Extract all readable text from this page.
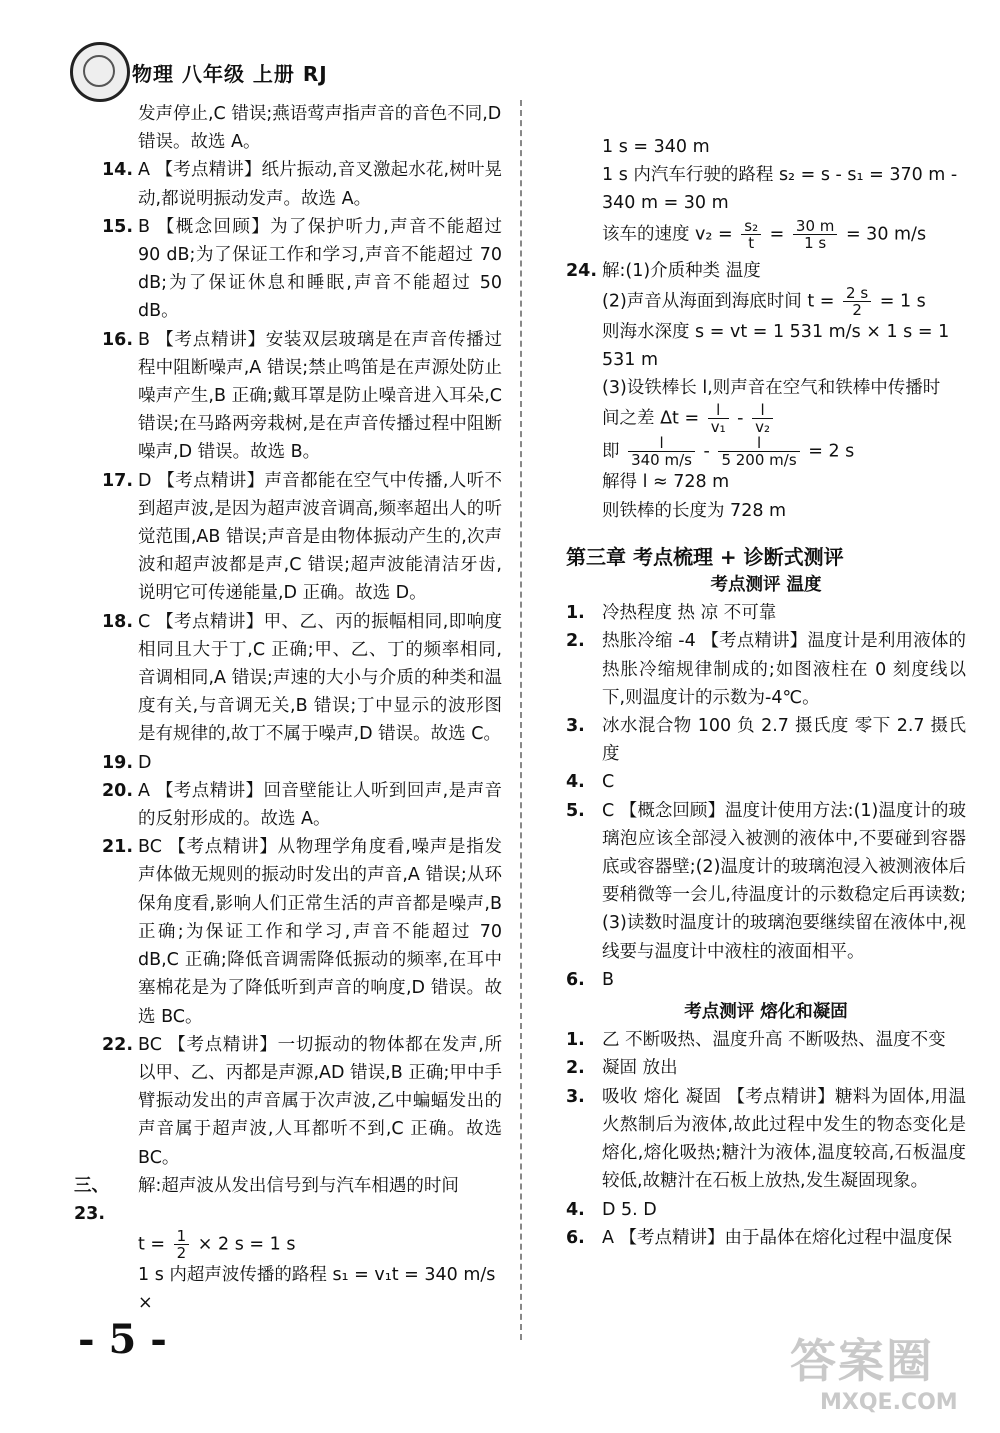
物理 八年级 上册 RJ
发声停止,C 错误;燕语莺声指声音的音色不同,D 错误。故选 A。
14. A 【考点精讲】纸片振动,音叉激起水花,树叶晃动,都说明振动发声。故选 A。
15. B 【概念回顾】为了保护听力,声音不能超过 90 dB;为了保证工作和学习,声音不能超过 70 dB;为了保证休息和睡眠,声音不能超过 50 dB。
16. B 【考点精讲】安装双层玻璃是在声音传播过程中阻断噪声,A 错误;禁止鸣笛是在声源处防止噪声产生,B 正确;戴耳罩是防止噪音进入耳朵,C 错误;在马路两旁栽树,是在声音传播过程中阻断噪声,D 错误。故选 B。
17. D 【考点精讲】声音都能在空气中传播,人听不到超声波,是因为超声波音调高,频率超出人的听觉范围,AB 错误;声音是由物体振动产生的,次声波和超声波都是声,C 错误;超声波能清洁牙齿,说明它可传递能量,D 正确。故选 D。
18. C 【考点精讲】甲、乙、丙的振幅相同,即响度相同且大于丁,C 正确;甲、乙、丁的频率相同,音调相同,A 错误;声速的大小与介质的种类和温度有关,与音调无关,B 错误;丁中显示的波形图是有规律的,故丁不属于噪声,D 错误。故选 C。
19. D
20. A 【考点精讲】回音壁能让人听到回声,是声音的反射形成的。故选 A。
21. BC 【考点精讲】从物理学角度看,噪声是指发声体做无规则的振动时发出的声音,A 错误;从环保角度看,影响人们正常生活的声音都是噪声,B 正确;为保证工作和学习,声音不能超过 70 dB,C 正确;降低音调需降低振动的频率,在耳中塞棉花是为了降低听到声音的响度,D 错误。故选 BC。
22. BC 【考点精讲】一切振动的物体都在发声,所以甲、乙、丙都是声源,AD 错误,B 正确;甲中手臂振动发出的声音属于次声波,乙中蝙蝠发出的声音属于超声波,人耳都听不到,C 正确。故选 BC。
三、23.
解:超声波从发出信号到与汽车相遇的时间
$t = \frac{1}{2} \times 2$ s = 1 s
1 s 内超声波传播的路程 s₁ = v₁t = 340 m/s ×
1 s = 340 m
1 s 内汽车行驶的路程 s₂ = s - s₁ = 370 m -
340 m = 30 m
该车的速度 $v_2 = \frac{\text{s₂}}{t} = \frac{30 m}{1 s} = 30$ m/s
24. 解:(1)介质种类 温度
(2)声音从海面到海底时间 $t = \frac{2 s}{2} = 1$ s
则海水深度 s = vt = 1 531 m/s × 1 s = 1 531 m
(3)设铁棒长 l,则声音在空气和铁棒中传播时
间之差 $\Delta t = \frac{l}{\text{v₁}} - \frac{l}{\text{v₂}}$
即 $\frac{l}{340 m/s} - \frac{l}{5 200 m/s} = 2$ s
解得 l ≈ 728 m
则铁棒的长度为 728 m
第三章 考点梳理 + 诊断式测评
考点测评 温度
1. 冷热程度 热 凉 不可靠
2. 热胀冷缩 -4 【考点精讲】温度计是利用液体的热胀冷缩规律制成的;如图液柱在 0 刻度线以下,则温度计的示数为-4℃。
3. 冰水混合物 100 负 2.7 摄氏度 零下 2.7 摄氏度
4. C
5. C 【概念回顾】温度计使用方法:(1)温度计的玻璃泡应该全部浸入被测的液体中,不要碰到容器底或容器壁;(2)温度计的玻璃泡浸入被测液体后要稍微等一会儿,待温度计的示数稳定后再读数;(3)读数时温度计的玻璃泡要继续留在液体中,视线要与温度计中液柱的液面相平。
6. B
考点测评 熔化和凝固
1. 乙 不断吸热、温度升高 不断吸热、温度不变
2. 凝固 放出
3. 吸收 熔化 凝固 【考点精讲】糖料为固体,用温火熬制后为液体,故此过程中发生的物态变化是熔化,熔化吸热;糖汁为液体,温度较高,石板温度较低,故糖汁在石板上放热,发生凝固现象。
4. D 5. D
6. A 【考点精讲】由于晶体在熔化过程中温度保
- 5 -	答案圈
MXQE.COM
